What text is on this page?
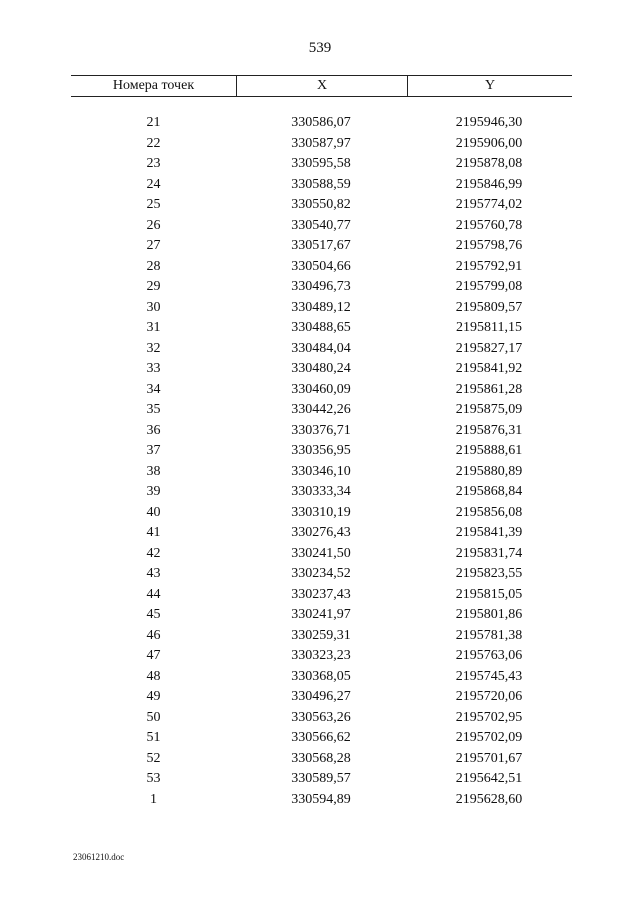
539
Номера точек	X	Y
21	330586,07	2195946,30
22	330587,97	2195906,00
23	330595,58	2195878,08
24	330588,59	2195846,99
25	330550,82	2195774,02
26	330540,77	2195760,78
27	330517,67	2195798,76
28	330504,66	2195792,91
29	330496,73	2195799,08
30	330489,12	2195809,57
31	330488,65	2195811,15
32	330484,04	2195827,17
33	330480,24	2195841,92
34	330460,09	2195861,28
35	330442,26	2195875,09
36	330376,71	2195876,31
37	330356,95	2195888,61
38	330346,10	2195880,89
39	330333,34	2195868,84
40	330310,19	2195856,08
41	330276,43	2195841,39
42	330241,50	2195831,74
43	330234,52	2195823,55
44	330237,43	2195815,05
45	330241,97	2195801,86
46	330259,31	2195781,38
47	330323,23	2195763,06
48	330368,05	2195745,43
49	330496,27	2195720,06
50	330563,26	2195702,95
51	330566,62	2195702,09
52	330568,28	2195701,67
53	330589,57	2195642,51
1	330594,89	2195628,60
23061210.doc
